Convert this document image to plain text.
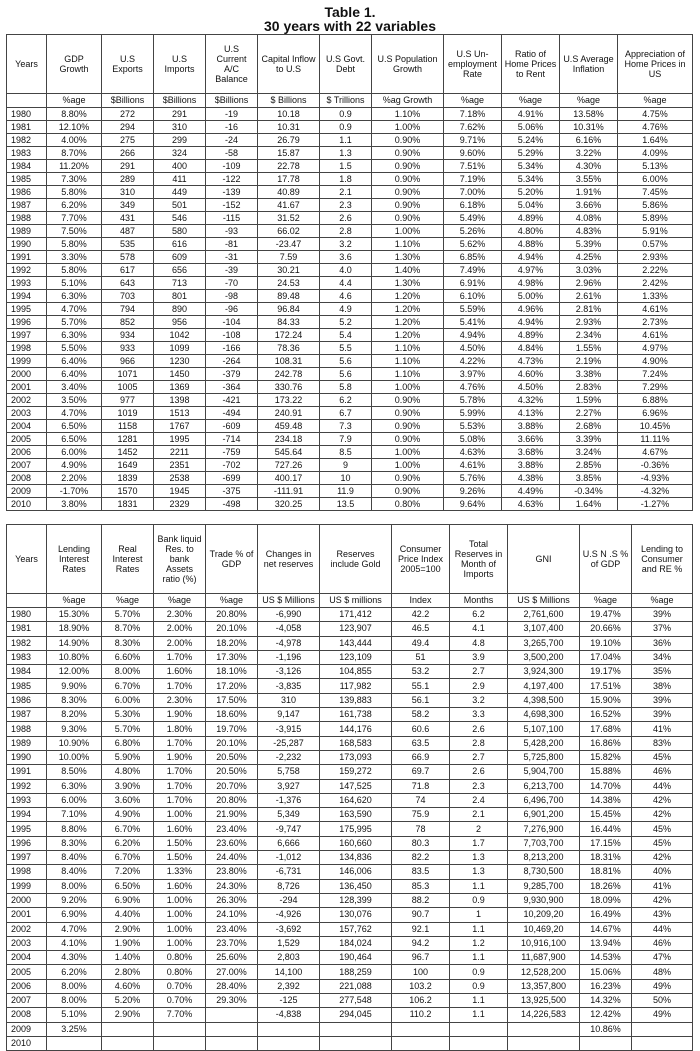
Table 1.
30 years with 22 variables
Years	GDP Growth	U.S Exports	U.S Imports	U.S Current A/C Balance	Capital Inflow to U.S	U.S Govt. Debt	U.S Population Growth	U.S Un-employment Rate	Ratio of Home Prices to Rent	U.S Average Inflation	Appreciation of Home Prices in US
	%age	$Billions	$Billions	$Billions	$ Billions	$ Trillions	%ag Growth	%age	%age	%age	%age
1980	8.80%	272	291	-19	10.18	0.9	1.10%	7.18%	4.91%	13.58%	4.75%
1981	12.10%	294	310	-16	10.31	0.9	1.00%	7.62%	5.06%	10.31%	4.76%
1982	4.00%	275	299	-24	26.79	1.1	0.90%	9.71%	5.24%	6.16%	1.64%
1983	8.70%	266	324	-58	15.87	1.3	0.90%	9.60%	5.29%	3.22%	4.09%
1984	11.20%	291	400	-109	22.78	1.5	0.90%	7.51%	5.34%	4.30%	5.13%
1985	7.30%	289	411	-122	17.78	1.8	0.90%	7.19%	5.34%	3.55%	6.00%
1986	5.80%	310	449	-139	40.89	2.1	0.90%	7.00%	5.20%	1.91%	7.45%
1987	6.20%	349	501	-152	41.67	2.3	0.90%	6.18%	5.04%	3.66%	5.86%
1988	7.70%	431	546	-115	31.52	2.6	0.90%	5.49%	4.89%	4.08%	5.89%
1989	7.50%	487	580	-93	66.02	2.8	1.00%	5.26%	4.80%	4.83%	5.91%
1990	5.80%	535	616	-81	-23.47	3.2	1.10%	5.62%	4.88%	5.39%	0.57%
1991	3.30%	578	609	-31	7.59	3.6	1.30%	6.85%	4.94%	4.25%	2.93%
1992	5.80%	617	656	-39	30.21	4.0	1.40%	7.49%	4.97%	3.03%	2.22%
1993	5.10%	643	713	-70	24.53	4.4	1.30%	6.91%	4.98%	2.96%	2.42%
1994	6.30%	703	801	-98	89.48	4.6	1.20%	6.10%	5.00%	2.61%	1.33%
1995	4.70%	794	890	-96	96.84	4.9	1.20%	5.59%	4.96%	2.81%	4.61%
1996	5.70%	852	956	-104	84.33	5.2	1.20%	5.41%	4.94%	2.93%	2.73%
1997	6.30%	934	1042	-108	172.24	5.4	1.20%	4.94%	4.89%	2.34%	4.61%
1998	5.50%	933	1099	-166	78.36	5.5	1.10%	4.50%	4.84%	1.55%	4.97%
1999	6.40%	966	1230	-264	108.31	5.6	1.10%	4.22%	4.73%	2.19%	4.90%
2000	6.40%	1071	1450	-379	242.78	5.6	1.10%	3.97%	4.60%	3.38%	7.24%
2001	3.40%	1005	1369	-364	330.76	5.8	1.00%	4.76%	4.50%	2.83%	7.29%
2002	3.50%	977	1398	-421	173.22	6.2	0.90%	5.78%	4.32%	1.59%	6.88%
2003	4.70%	1019	1513	-494	240.91	6.7	0.90%	5.99%	4.13%	2.27%	6.96%
2004	6.50%	1158	1767	-609	459.48	7.3	0.90%	5.53%	3.88%	2.68%	10.45%
2005	6.50%	1281	1995	-714	234.18	7.9	0.90%	5.08%	3.66%	3.39%	11.11%
2006	6.00%	1452	2211	-759	545.64	8.5	1.00%	4.63%	3.68%	3.24%	4.67%
2007	4.90%	1649	2351	-702	727.26	9	1.00%	4.61%	3.88%	2.85%	-0.36%
2008	2.20%	1839	2538	-699	400.17	10	0.90%	5.76%	4.38%	3.85%	-4.93%
2009	-1.70%	1570	1945	-375	-111.91	11.9	0.90%	9.26%	4.49%	-0.34%	-4.32%
2010	3.80%	1831	2329	-498	320.25	13.5	0.80%	9.64%	4.63%	1.64%	-1.27%
Years	Lending Interest Rates	Real Interest Rates	Bank liquid Res. to bank Assets ratio (%)	Trade % of GDP	Changes in net reserves	Reserves include Gold	Consumer Price Index 2005=100	Total Reserves in Month of Imports	GNI	U.S N .S % of GDP	Lending to Consumer and RE %
	%age	%age	%age	%age	US $ Millions	US $ millions	Index	Months	US $ Millions	%age	%age
1980	15.30%	5.70%	2.30%	20.80%	-6,990	171,412	42.2	6.2	2,761,600	19.47%	39%
1981	18.90%	8.70%	2.00%	20.10%	-4,058	123,907	46.5	4.1	3,107,400	20.66%	37%
1982	14.90%	8.30%	2.00%	18.20%	-4,978	143,444	49.4	4.8	3,265,700	19.10%	36%
1983	10.80%	6.60%	1.70%	17.30%	-1,196	123,109	51	3.9	3,500,200	17.04%	34%
1984	12.00%	8.00%	1.60%	18.10%	-3,126	104,855	53.2	2.7	3,924,300	19.17%	35%
1985	9.90%	6.70%	1.70%	17.20%	-3,835	117,982	55.1	2.9	4,197,400	17.51%	38%
1986	8.30%	6.00%	2.30%	17.50%	310	139,883	56.1	3.2	4,398,500	15.90%	39%
1987	8.20%	5.30%	1.90%	18.60%	9,147	161,738	58.2	3.3	4,698,300	16.52%	39%
1988	9.30%	5.70%	1.80%	19.70%	-3,915	144,176	60.6	2.6	5,107,100	17.68%	41%
1989	10.90%	6.80%	1.70%	20.10%	-25,287	168,583	63.5	2.8	5,428,200	16.86%	83%
1990	10.00%	5.90%	1.90%	20.50%	-2,232	173,093	66.9	2.7	5,725,800	15.82%	45%
1991	8.50%	4.80%	1.70%	20.50%	5,758	159,272	69.7	2.6	5,904,700	15.88%	46%
1992	6.30%	3.90%	1.70%	20.70%	3,927	147,525	71.8	2.3	6,213,700	14.70%	44%
1993	6.00%	3.60%	1.70%	20.80%	-1,376	164,620	74	2.4	6,496,700	14.38%	42%
1994	7.10%	4.90%	1.00%	21.90%	5,349	163,590	75.9	2.1	6,901,200	15.45%	42%
1995	8.80%	6.70%	1.60%	23.40%	-9,747	175,995	78	2	7,276,900	16.44%	45%
1996	8.30%	6.20%	1.50%	23.60%	6,666	160,660	80.3	1.7	7,703,700	17.15%	45%
1997	8.40%	6.70%	1.50%	24.40%	-1,012	134,836	82.2	1.3	8,213,200	18.31%	42%
1998	8.40%	7.20%	1.33%	23.80%	-6,731	146,006	83.5	1.3	8,730,500	18.81%	40%
1999	8.00%	6.50%	1.60%	24.30%	8,726	136,450	85.3	1.1	9,285,700	18.26%	41%
2000	9.20%	6.90%	1.00%	26.30%	-294	128,399	88.2	0.9	9,930,900	18.09%	42%
2001	6.90%	4.40%	1.00%	24.10%	-4,926	130,076	90.7	1	10,209,20	16.49%	43%
2002	4.70%	2.90%	1.00%	23.40%	-3,692	157,762	92.1	1.1	10,469,20	14.67%	44%
2003	4.10%	1.90%	1.00%	23.70%	1,529	184,024	94.2	1.2	10,916,100	13.94%	46%
2004	4.30%	1.40%	0.80%	25.60%	2,803	190,464	96.7	1.1	11,687,900	14.53%	47%
2005	6.20%	2.80%	0.80%	27.00%	14,100	188,259	100	0.9	12,528,200	15.06%	48%
2006	8.00%	4.60%	0.70%	28.40%	2,392	221,088	103.2	0.9	13,357,800	16.23%	49%
2007	8.00%	5.20%	0.70%	29.30%	-125	277,548	106.2	1.1	13,925,500	14.32%	50%
2008	5.10%	2.90%	7.70%		-4,838	294,045	110.2	1.1	14,226,583	12.42%	49%
2009	3.25%									10.86%	
2010											
